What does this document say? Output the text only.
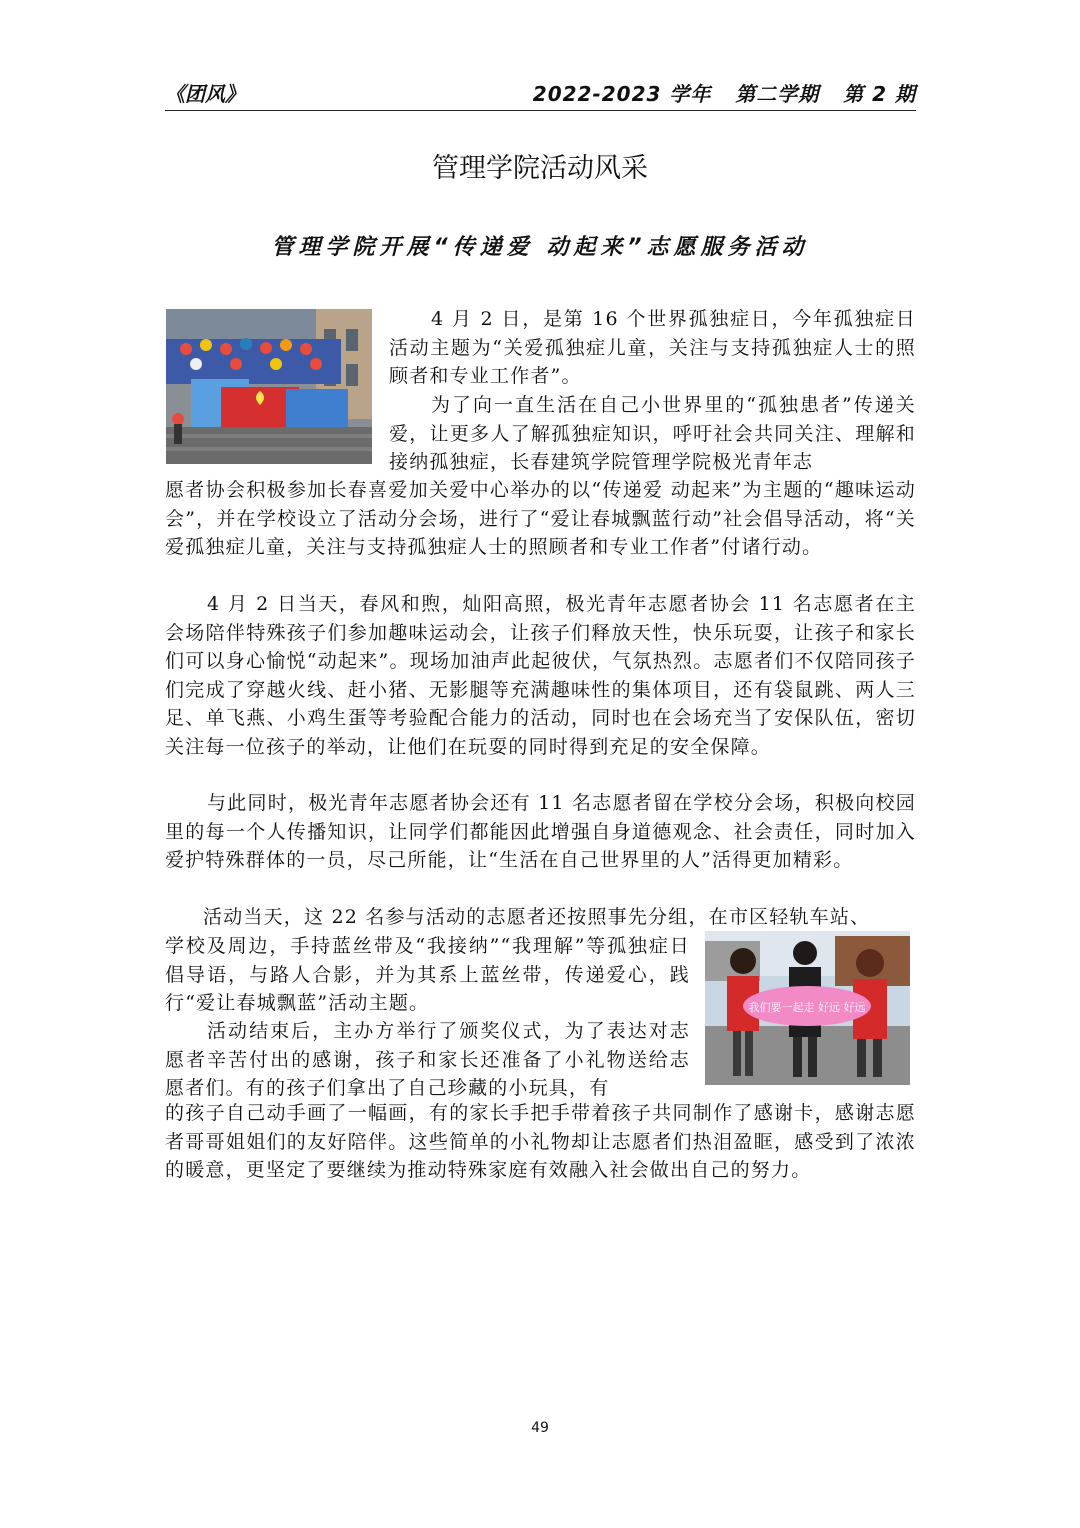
《团风》	2022-2023 学年   第二学期   第 2 期
管理学院活动风采
管理学院开展“传递爱 动起来”志愿服务活动
4 月 2 日，是第 16 个世界孤独症日，今年孤独症日活动主题为“关爱孤独症儿童，关注与支持孤独症人士的照顾者和专业工作者”。
为了向一直生活在自己小世界里的“孤独患者”传递关爱，让更多人了解孤独症知识，呼吁社会共同关注、理解和接纳孤独症，长春建筑学院管理学院极光青年志
愿者协会积极参加长春喜爱加关爱中心举办的以“传递爱 动起来”为主题的“趣味运动会”，并在学校设立了活动分会场，进行了“爱让春城飘蓝行动”社会倡导活动，将“关爱孤独症儿童，关注与支持孤独症人士的照顾者和专业工作者”付诸行动。
4 月 2 日当天，春风和煦，灿阳高照，极光青年志愿者协会 11 名志愿者在主会场陪伴特殊孩子们参加趣味运动会，让孩子们释放天性，快乐玩耍，让孩子和家长们可以身心愉悦“动起来”。现场加油声此起彼伏，气氛热烈。志愿者们不仅陪同孩子们完成了穿越火线、赶小猪、无影腿等充满趣味性的集体项目，还有袋鼠跳、两人三足、单飞燕、小鸡生蛋等考验配合能力的活动，同时也在会场充当了安保队伍，密切关注每一位孩子的举动，让他们在玩耍的同时得到充足的安全保障。
与此同时，极光青年志愿者协会还有 11 名志愿者留在学校分会场，积极向校园里的每一个人传播知识，让同学们都能因此增强自身道德观念、社会责任，同时加入爱护特殊群体的一员，尽己所能，让“生活在自己世界里的人”活得更加精彩。
活动当天，这 22 名参与活动的志愿者还按照事先分组，在市区轻轨车站、
我们要一起走 好远 好远
学校及周边，手持蓝丝带及“我接纳”“我理解”等孤独症日倡导语，与路人合影，并为其系上蓝丝带，传递爱心，践行“爱让春城飘蓝”活动主题。
活动结束后，主办方举行了颁奖仪式，为了表达对志愿者辛苦付出的感谢，孩子和家长还准备了小礼物送给志愿者们。有的孩子们拿出了自己珍藏的小玩具，有
的孩子自己动手画了一幅画，有的家长手把手带着孩子共同制作了感谢卡，感谢志愿者哥哥姐姐们的友好陪伴。这些简单的小礼物却让志愿者们热泪盈眶，感受到了浓浓的暖意，更坚定了要继续为推动特殊家庭有效融入社会做出自己的努力。
49
